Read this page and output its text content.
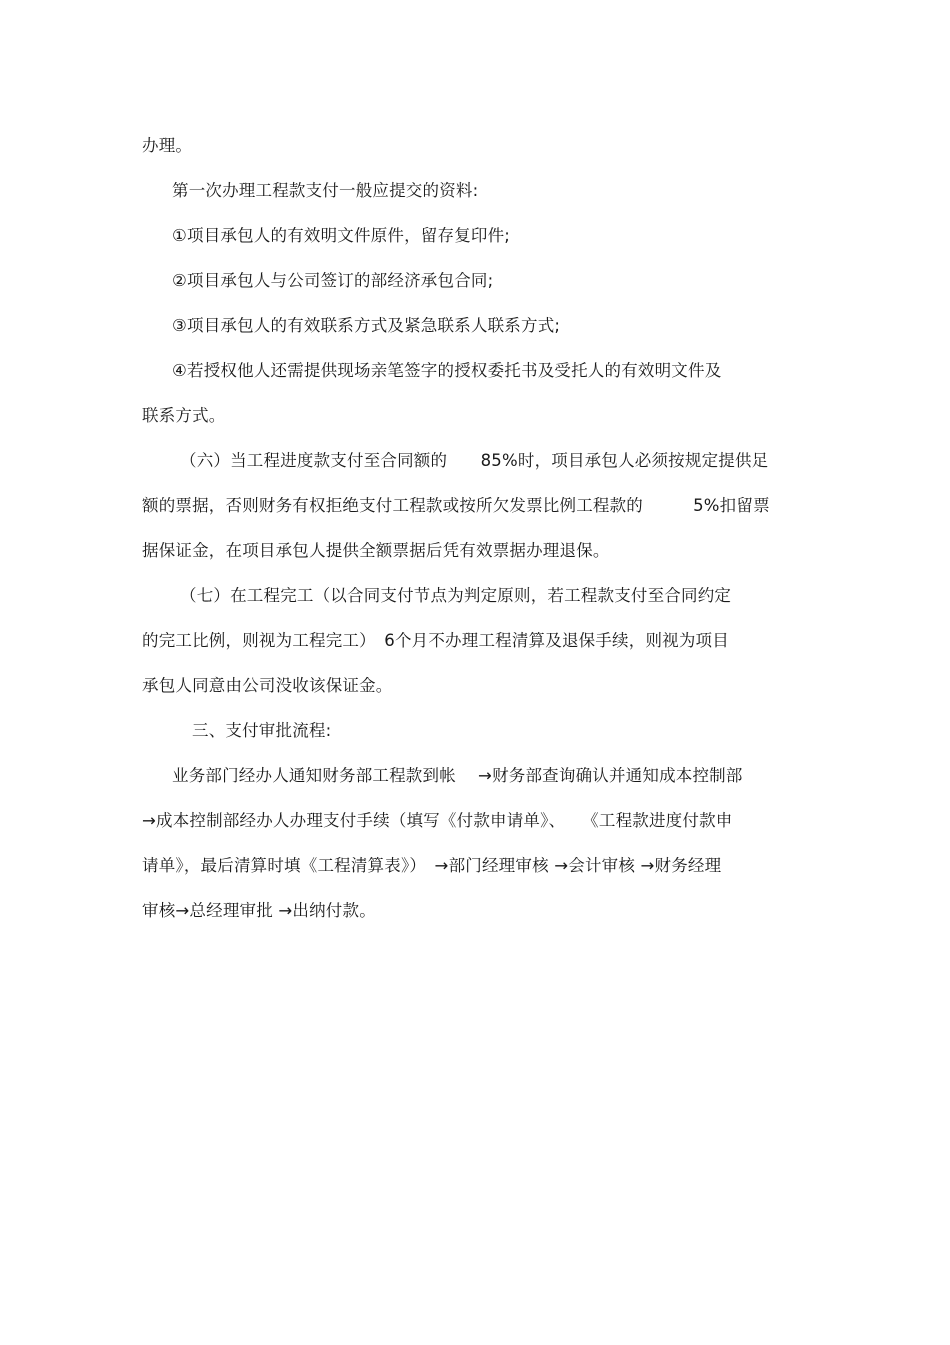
办理。
第一次办理工程款支付一般应提交的资料:
①项目承包人的有效明文件原件，留存复印件;
②项目承包人与公司签订的部经济承包合同;
③项目承包人的有效联系方式及紧急联系人联系方式;
④若授权他人还需提供现场亲笔签字的授权委托书及受托人的有效明文件及
联系方式。
（六）当工程进度款支付至合同额的　　85%时，项目承包人必须按规定提供足
额的票据，否则财务有权拒绝支付工程款或按所欠发票比例工程款的　　　5%扣留票
据保证金，在项目承包人提供全额票据后凭有效票据办理退保。
（七）在工程完工（以合同支付节点为判定原则，若工程款支付至合同约定
的完工比例，则视为工程完工）　6个月不办理工程清算及退保手续，则视为项目
承包人同意由公司没收该保证金。
三、支付审批流程:
业务部门经办人通知财务部工程款到帐　 →财务部查询确认并通知成本控制部
→成本控制部经办人办理支付手续（填写《付款申请单》、　　《工程款进度付款申
请单》，最后清算时填《工程清算表》）　→部门经理审核 →会计审核 →财务经理
审核→总经理审批 →出纳付款。
